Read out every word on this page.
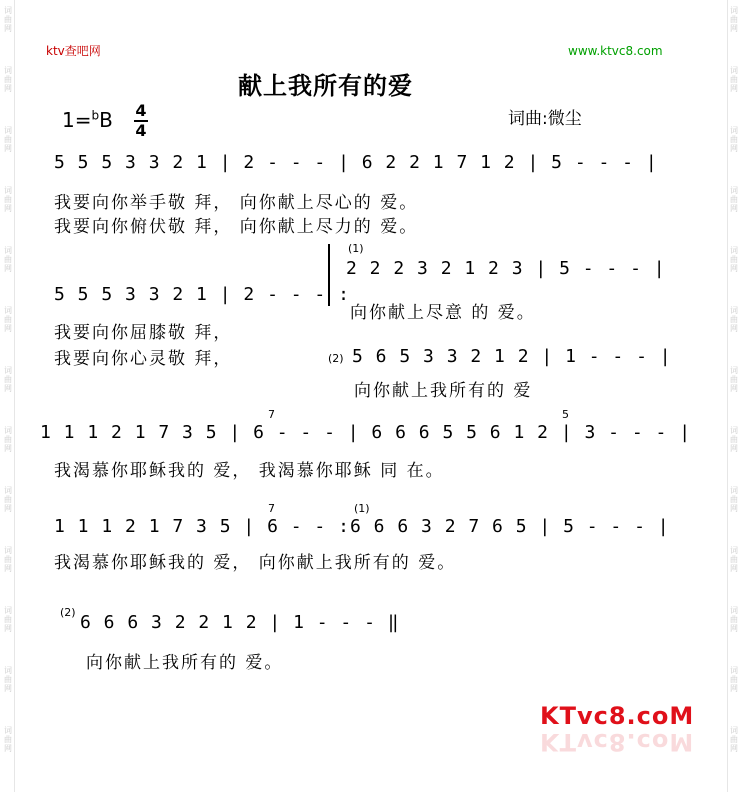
词
曲
网
词
曲
网
词
曲
网
词
曲
网
词
曲
网
词
曲
网
词
曲
网
词
曲
网
词
曲
网
词
曲
网
词
曲
网
词
曲
网
词
曲
网
词
曲
网
词
曲
网
词
曲
网
词
曲
网
词
曲
网
词
曲
网
词
曲
网
词
曲
网
词
曲
网
词
曲
网
词
曲
网
词
曲
网
词
曲
网
ktv查吧网	www.ktvc8.com
献上我所有的爱
1=$^b$B 4
4
词曲:微尘
5 5 5 3 3 2 1 | 2 - - - | 6 2 2 1 7 1 2 | 5 - - - |
我要向你举手敬 拜， 向你献上尽心的 爱。
我要向你俯伏敬 拜， 向你献上尽力的 爱。
(1)
2 2 2 3 2 1 2 3 | 5 - - - |
5 5 5 3 3 2 1 | 2 - - - :
向你献上尽意 的 爱。
我要向你屈膝敬 拜，
我要向你心灵敬 拜，	(2) 5 6 5 3 3 2 1 2 | 1 - - - |
向你献上我所有的 爱
7	5
1 1 1 2 1 7 3 5 | 6 - - - | 6 6 6 5 5 6 1 2 | 3 - - - |
我渴慕你耶稣我的 爱， 我渴慕你耶稣 同 在。
7	(1)
1 1 1 2 1 7 3 5 | 6 - - : 6 6 6 3 2 7 6 5 | 5 - - - |
我渴慕你耶稣我的 爱， 向你献上我所有的 爱。
(2) 6 6 6 3 2 2 1 2 | 1 - - - ‖
向你献上我所有的 爱。
KTvc8.coM
KTvc8.coM
